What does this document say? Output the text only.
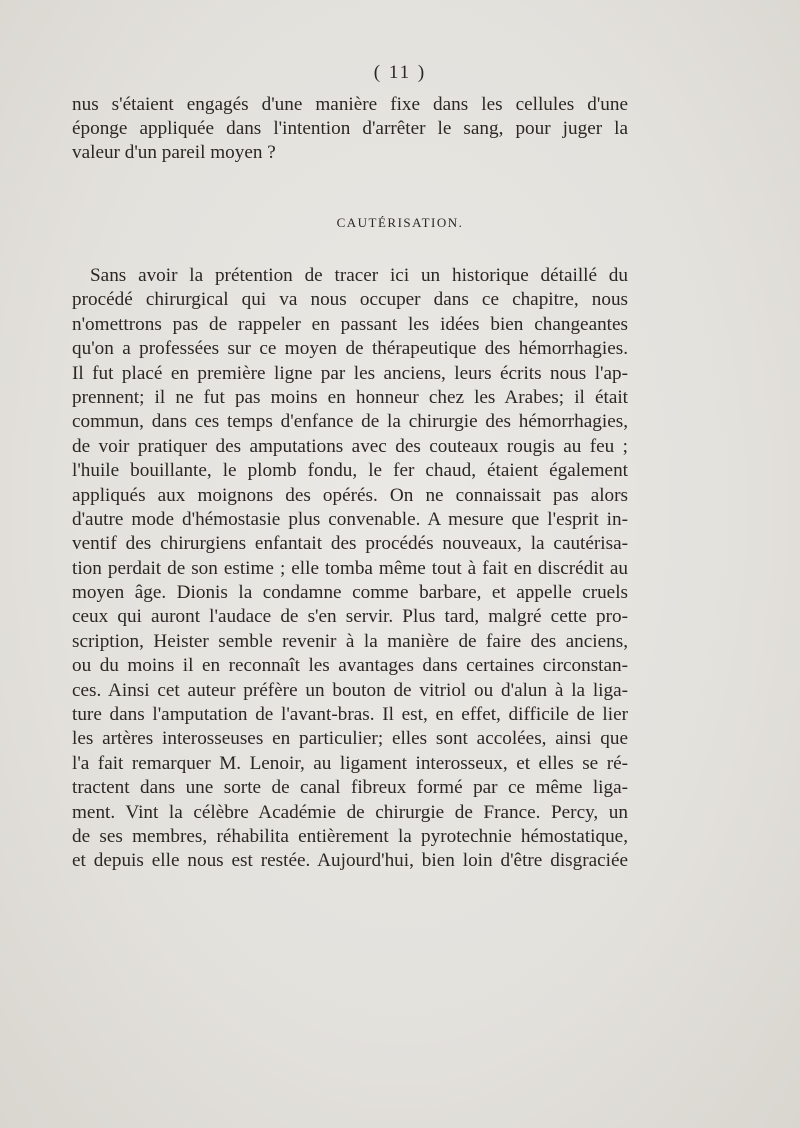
( 11 )
nus s'étaient engagés d'une manière fixe dans les cellules d'une
éponge appliquée dans l'intention d'arrêter le sang, pour juger la
valeur d'un pareil moyen ?
CAUTÉRISATION.
Sans avoir la prétention de tracer ici un historique détaillé du
procédé chirurgical qui va nous occuper dans ce chapitre, nous
n'omettrons pas de rappeler en passant les idées bien changeantes
qu'on a professées sur ce moyen de thérapeutique des hémorrhagies.
Il fut placé en première ligne par les anciens, leurs écrits nous l'ap-
prennent; il ne fut pas moins en honneur chez les Arabes; il était
commun, dans ces temps d'enfance de la chirurgie des hémorrhagies,
de voir pratiquer des amputations avec des couteaux rougis au feu ;
l'huile bouillante, le plomb fondu, le fer chaud, étaient également
appliqués aux moignons des opérés. On ne connaissait pas alors
d'autre mode d'hémostasie plus convenable. A mesure que l'esprit in-
ventif des chirurgiens enfantait des procédés nouveaux, la cautérisa-
tion perdait de son estime ; elle tomba même tout à fait en discrédit au
moyen âge. Dionis la condamne comme barbare, et appelle cruels
ceux qui auront l'audace de s'en servir. Plus tard, malgré cette pro-
scription, Heister semble revenir à la manière de faire des anciens,
ou du moins il en reconnaît les avantages dans certaines circonstan-
ces. Ainsi cet auteur préfère un bouton de vitriol ou d'alun à la liga-
ture dans l'amputation de l'avant-bras. Il est, en effet, difficile de lier
les artères interosseuses en particulier; elles sont accolées, ainsi que
l'a fait remarquer M. Lenoir, au ligament interosseux, et elles se ré-
tractent dans une sorte de canal fibreux formé par ce même liga-
ment. Vint la célèbre Académie de chirurgie de France. Percy, un
de ses membres, réhabilita entièrement la pyrotechnie hémostatique,
et depuis elle nous est restée. Aujourd'hui, bien loin d'être disgraciée
